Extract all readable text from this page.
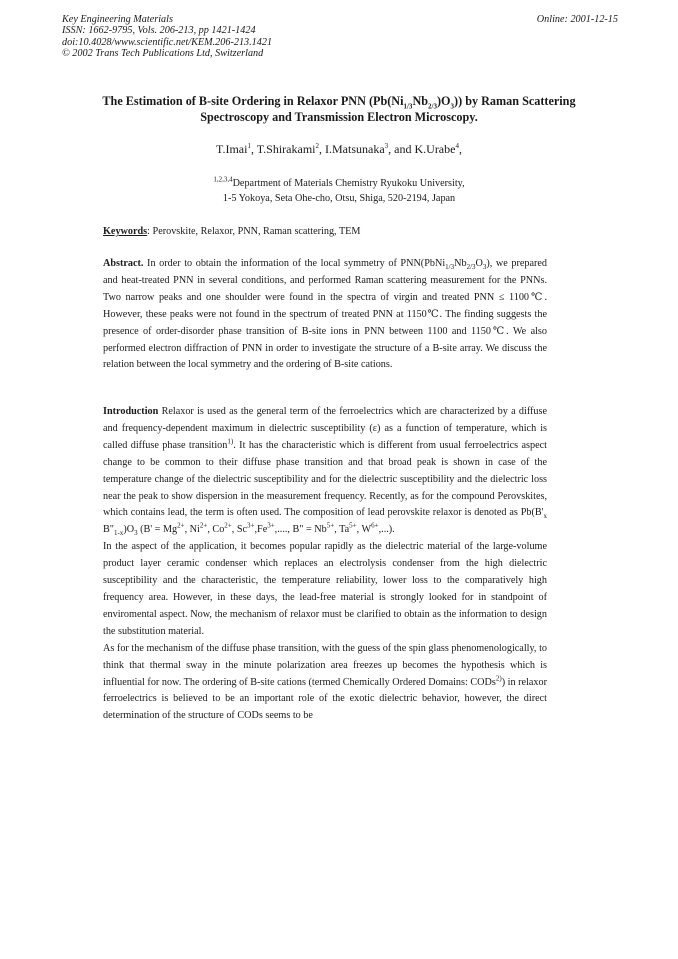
Key Engineering Materials
ISSN: 1662-9795, Vols. 206-213, pp 1421-1424
doi:10.4028/www.scientific.net/KEM.206-213.1421
© 2002 Trans Tech Publications Ltd, Switzerland
Online: 2001-12-15
The Estimation of B-site Ordering in Relaxor PNN $(Pb(Ni_{1/3}Nb_{2/3})O_3)$) by Raman Scattering Spectroscopy and Transmission Electron Microscopy.
T.Imai$^1$, T.Shirakami$^2$, I.Matsunaka$^3$, and K.Urabe$^4$,
$^{1,2,3,4}$Department of Materials Chemistry Ryukoku University,
1-5 Yokoya, Seta Ohe-cho, Otsu, Shiga, 520-2194, Japan
Keywords: Perovskite, Relaxor, PNN, Raman scattering, TEM

Abstract. In order to obtain the information of the local symmetry of $PNN(PbNi_{1/3}Nb_{2/3}O_3)$, we prepared and heat-treated PNN in several conditions, and performed Raman scattering measurement for the PNNs. Two narrow peaks and one shoulder were found in the spectra of virgin and treated PNN ≤ 1100℃. However, these peaks were not found in the spectrum of treated PNN at 1150℃. The finding suggests the presence of order-disorder phase transition of B-site ions in PNN between 1100 and 1150℃. We also performed electron diffraction of PNN in order to investigate the structure of a B-site array. We discuss the relation between the local symmetry and the ordering of B-site cations.

Introduction Relaxor is used as the general term of the ferroelectrics which are characterized by a diffuse and frequency-dependent maximum in dielectric susceptibility (ε) as a function of temperature, which is called diffuse phase transition$^{1)}$. It has the characteristic which is different from usual ferroelectrics aspect change to be common to their diffuse phase transition and that broad peak is shown in case of the temperature change of the dielectric susceptibility and for the dielectric susceptibility and the dielectric loss near the peak to show dispersion in the measurement frequency. Recently, as for the compound Perovskites, which contains lead, the term is often used. The composition of lead perovskite relaxor is denoted as $Pb(B'_x$ $B"_{1-x})O_3$ ($B' = Mg^{2+}$, $Ni^{2+}$, $Co^{2+}$, $Sc^{3+},Fe^{3+}$,...., B" = $Nb^{5+}$, $Ta^{5+}$, $W^{6+}$,...).

In the aspect of the application, it becomes popular rapidly as the dielectric material of the large-volume product layer ceramic condenser which replaces an electrolysis condenser from the high dielectric susceptibility and the characteristic, the temperature reliability, lower loss to the comparatively high frequency area. However, in these days, the lead-free material is strongly looked for in standpoint of enviromental aspect. Now, the mechanism of relaxor must be clarified to obtain as the information to design the substitution material.

As for the mechanism of the diffuse phase transition, with the guess of the spin glass phenomenologically, to think that thermal sway in the minute polarization area freezes up becomes the hypothesis which is influential for now. The ordering of B-site cations (termed Chemically Ordered Domains: CODs$^{2)}$) in relaxor ferroelectrics is believed to be an important role of the exotic dielectric behavior, however, the direct determination of the structure of CODs seems to be
